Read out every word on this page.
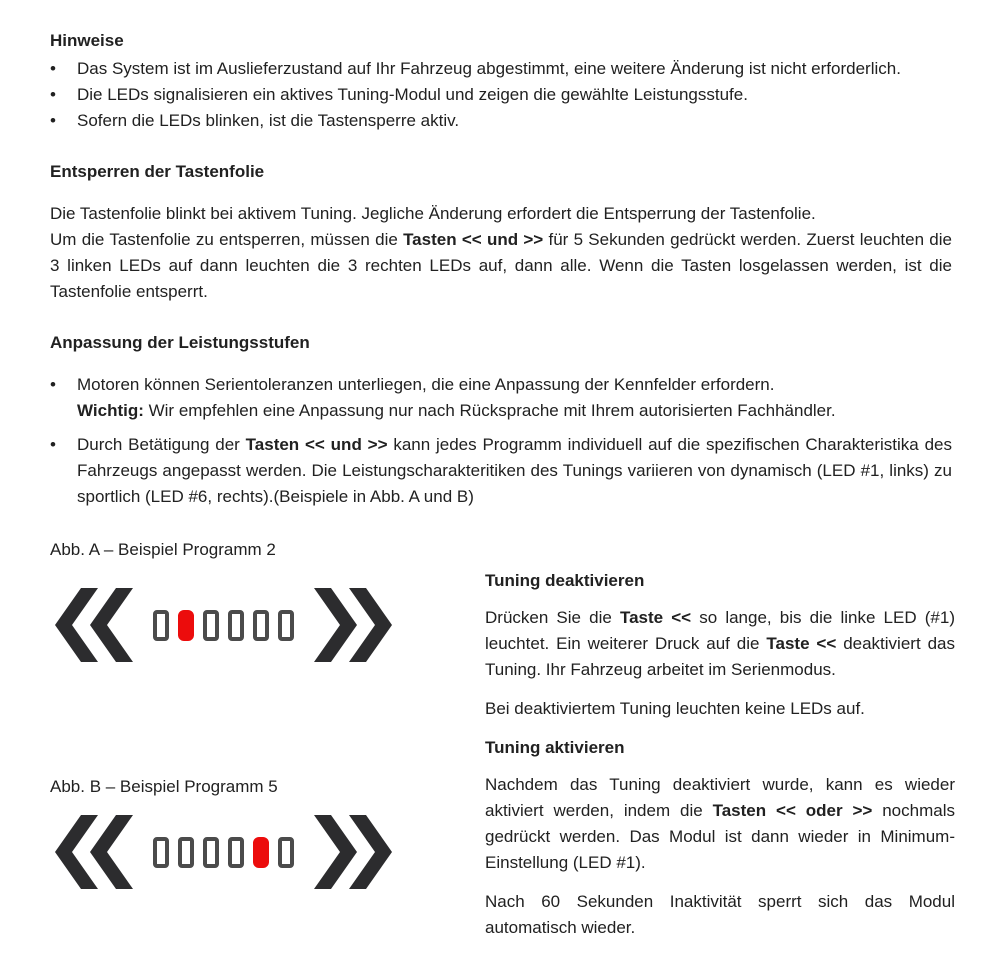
Hinweise
•	Das System ist im Auslieferzustand auf Ihr Fahrzeug abgestimmt, eine weitere Änderung ist nicht erforderlich.
•	Die LEDs signalisieren ein aktives Tuning-Modul und zeigen die gewählte Leistungsstufe.
•	Sofern die LEDs blinken, ist die Tastensperre aktiv.
Entsperren der Tastenfolie

Die Tastenfolie blinkt bei aktivem Tuning. Jegliche Änderung erfordert die Entsperrung der Tastenfolie.

Um die Tastenfolie zu entsperren, müssen die Tasten << und >> für 5 Sekunden gedrückt werden. Zuerst leuchten die 3 linken LEDs auf dann leuchten die 3 rechten LEDs auf, dann alle. Wenn die Tasten losgelassen werden, ist die Tastenfolie entsperrt.

Anpassung der Leistungsstufen
•	Motoren können Serientoleranzen unterliegen, die eine Anpassung der Kennfelder erfordern.
Wichtig: Wir empfehlen eine Anpassung nur nach Rücksprache mit Ihrem autorisierten Fachhändler.
•	Durch Betätigung der Tasten << und >> kann jedes Programm individuell auf die spezifischen Charakteristika des Fahrzeugs angepasst werden. Die Leistungscharakteritiken des Tunings variieren von dynamisch (LED #1, links) zu sportlich (LED #6, rechts).(Beispiele in Abb. A und B)
Abb. A – Beispiel Programm 2
Abb. B – Beispiel Programm 5

Tuning deaktivieren

Drücken Sie die Taste << so lange, bis die linke LED (#1) leuchtet. Ein weiterer Druck auf die Taste << deaktiviert das Tuning. Ihr Fahrzeug arbeitet im Serienmodus.

Bei deaktiviertem Tuning leuchten keine LEDs auf.

Tuning aktivieren

Nachdem das Tuning deaktiviert wurde, kann es wieder aktiviert werden, indem die Tasten << oder >> nochmals gedrückt werden. Das Modul ist dann wieder in Minimum-Einstellung (LED #1).

Nach 60 Sekunden Inaktivität sperrt sich das Modul automatisch wieder.
